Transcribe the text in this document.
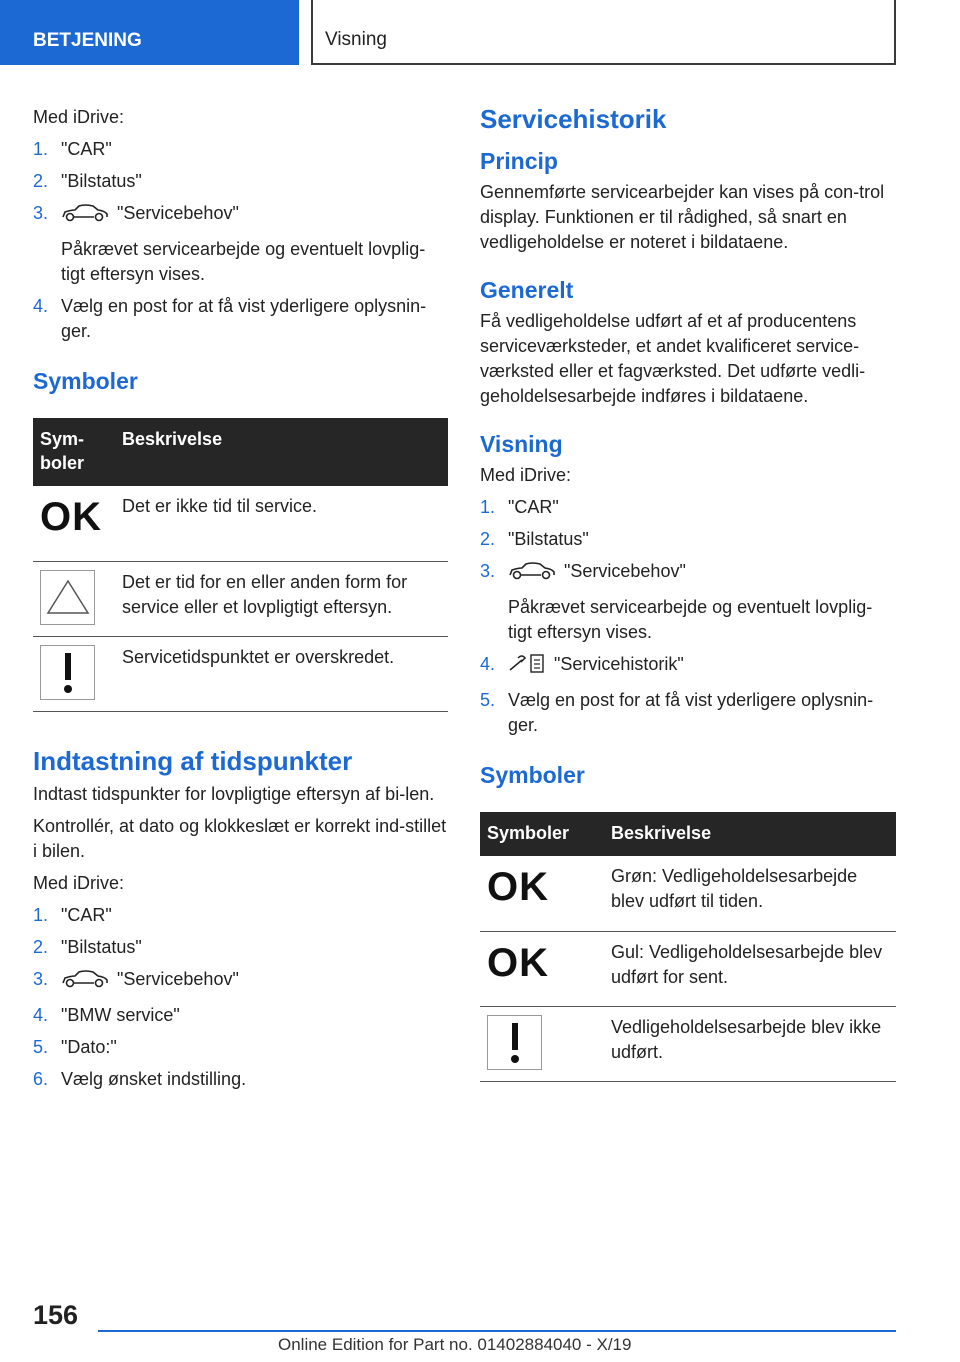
BETJENING	Visning

Med iDrive:

1. "CAR"
2. "Bilstatus"
3.	"Servicebehov"
Påkrævet servicearbejde og eventuelt lovplig-tigt eftersyn vises.
4. Vælg en post for at få vist yderligere oplysnin-ger.
Symboler
Sym-boler	Beskrivelse
OK	Det er ikke tid til service.

	Det er tid for en eller anden form for service eller et lovpligtigt eftersyn.

	Servicetidspunktet er overskredet.
Indtastning af tidspunkter

Indtast tidspunkter for lovpligtige eftersyn af bi-len.

Kontrollér, at dato og klokkeslæt er korrekt ind-stillet i bilen.

Med iDrive:

1. "CAR"
2. "Bilstatus"
3.	"Servicebehov"
4. "BMW service"
5. "Dato:"
6. Vælg ønsket indstilling.
Servicehistorik
Princip

Gennemførte servicearbejder kan vises på con-trol display. Funktionen er til rådighed, så snart en vedligeholdelse er noteret i bildataene.

Generelt

Få vedligeholdelse udført af et af producentens serviceværksteder, et andet kvalificeret service-værksted eller et fagværksted. Det udførte vedli-geholdelsesarbejde indføres i bildataene.

Visning

Med iDrive:

1. "CAR"
2. "Bilstatus"
3.	"Servicebehov"
Påkrævet servicearbejde og eventuelt lovplig-tigt eftersyn vises.
4.	"Servicehistorik"
5. Vælg en post for at få vist yderligere oplysnin-ger.
Symboler
Symboler	Beskrivelse
OK	Grøn: Vedligeholdelsesarbejde blev udført til tiden.
OK	Gul: Vedligeholdelsesarbejde blev udført for sent.

	Vedligeholdelsesarbejde blev ikke udført.
156
Online Edition for Part no. 01402884040 - X/19
